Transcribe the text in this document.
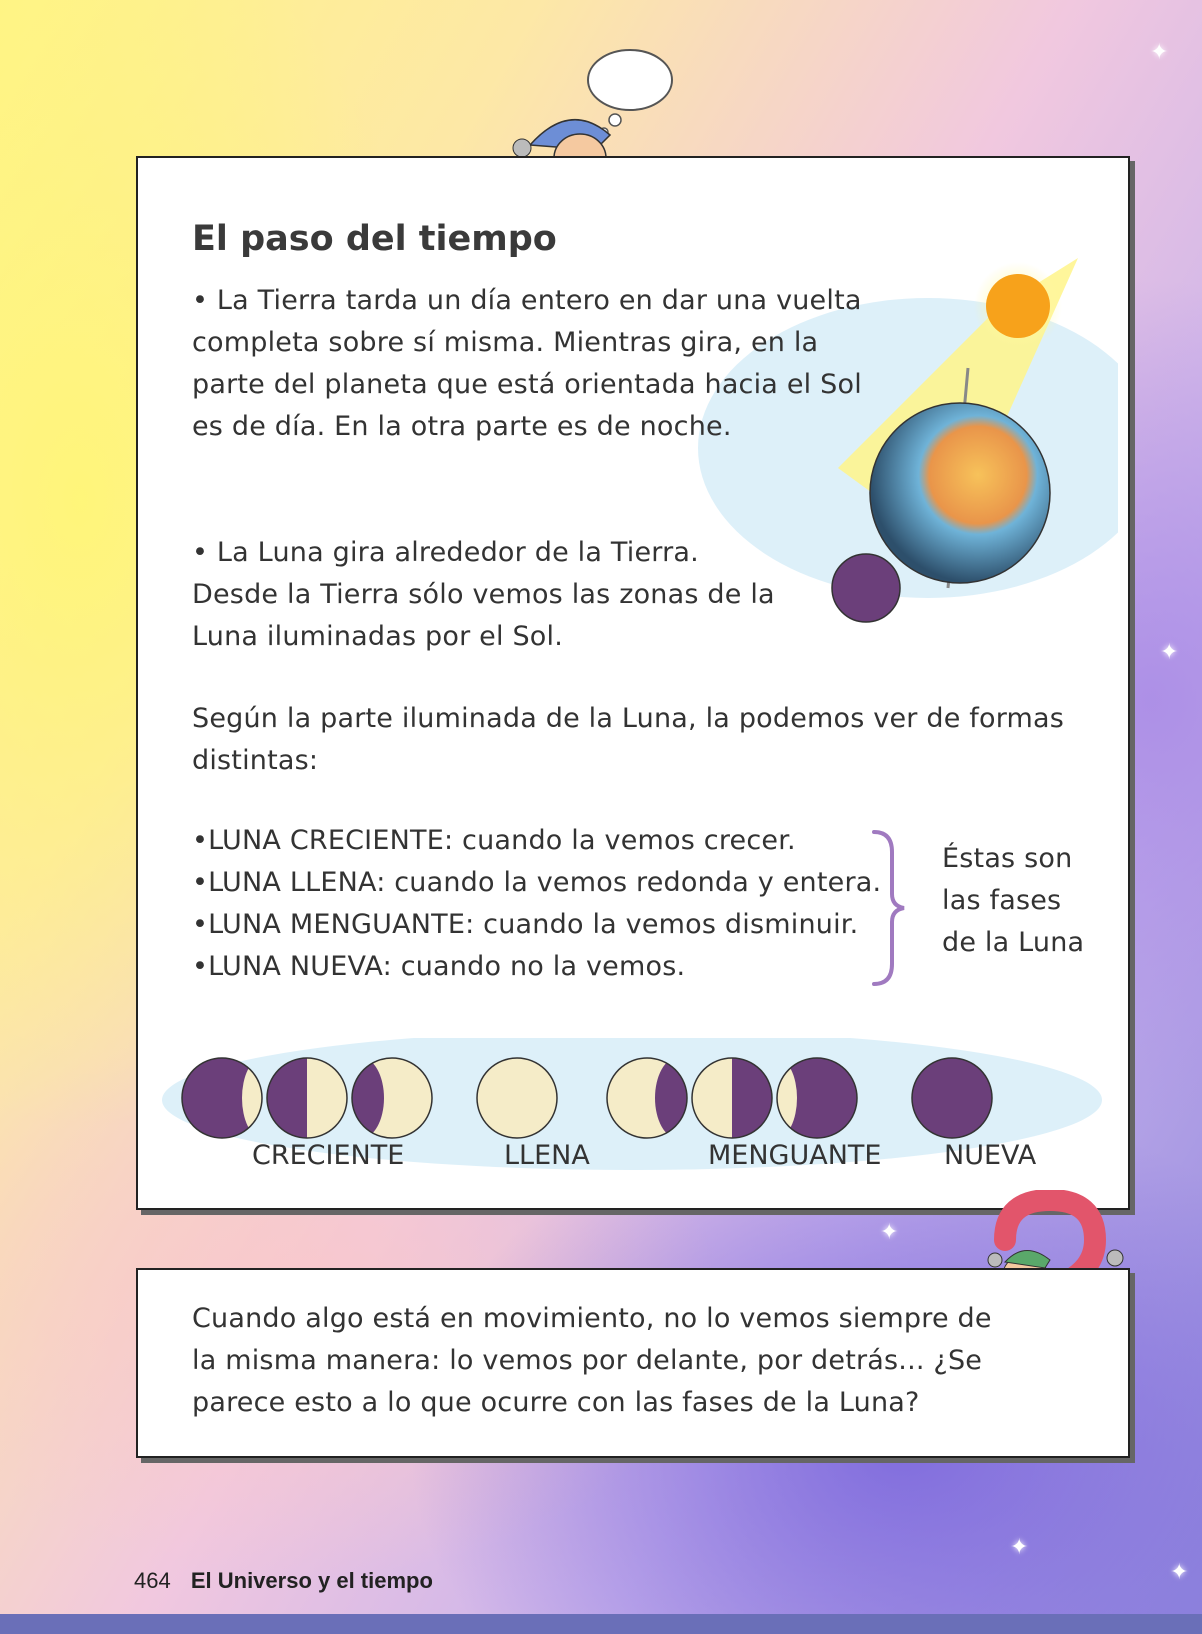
✦
✦
✦
✦
✦
El paso del tiempo

• La Tierra tarda un día entero en dar una vuelta completa sobre sí misma. Mientras gira, en la parte del planeta que está orientada hacia el Sol es de día. En la otra parte es de noche.

• La Luna gira alrededor de la Tierra. Desde la Tierra sólo vemos las zonas de la Luna iluminadas por el Sol.

Según la parte iluminada de la Luna, la podemos ver de formas distintas:

• LUNA CRECIENTE: cuando la vemos crecer.
• LUNA LLENA: cuando la vemos redonda y entera.
• LUNA MENGUANTE: cuando la vemos disminuir.
• LUNA NUEVA: cuando no la vemos.

Éstas son las fases de la Luna

CRECIENTE	LLENA	MENGUANTE NUEVA

Cuando algo está en movimiento, no lo vemos siempre de la misma manera: lo vemos por delante, por detrás... ¿Se parece esto a lo que ocurre con las fases de la Luna?

464 El Universo y el tiempo
